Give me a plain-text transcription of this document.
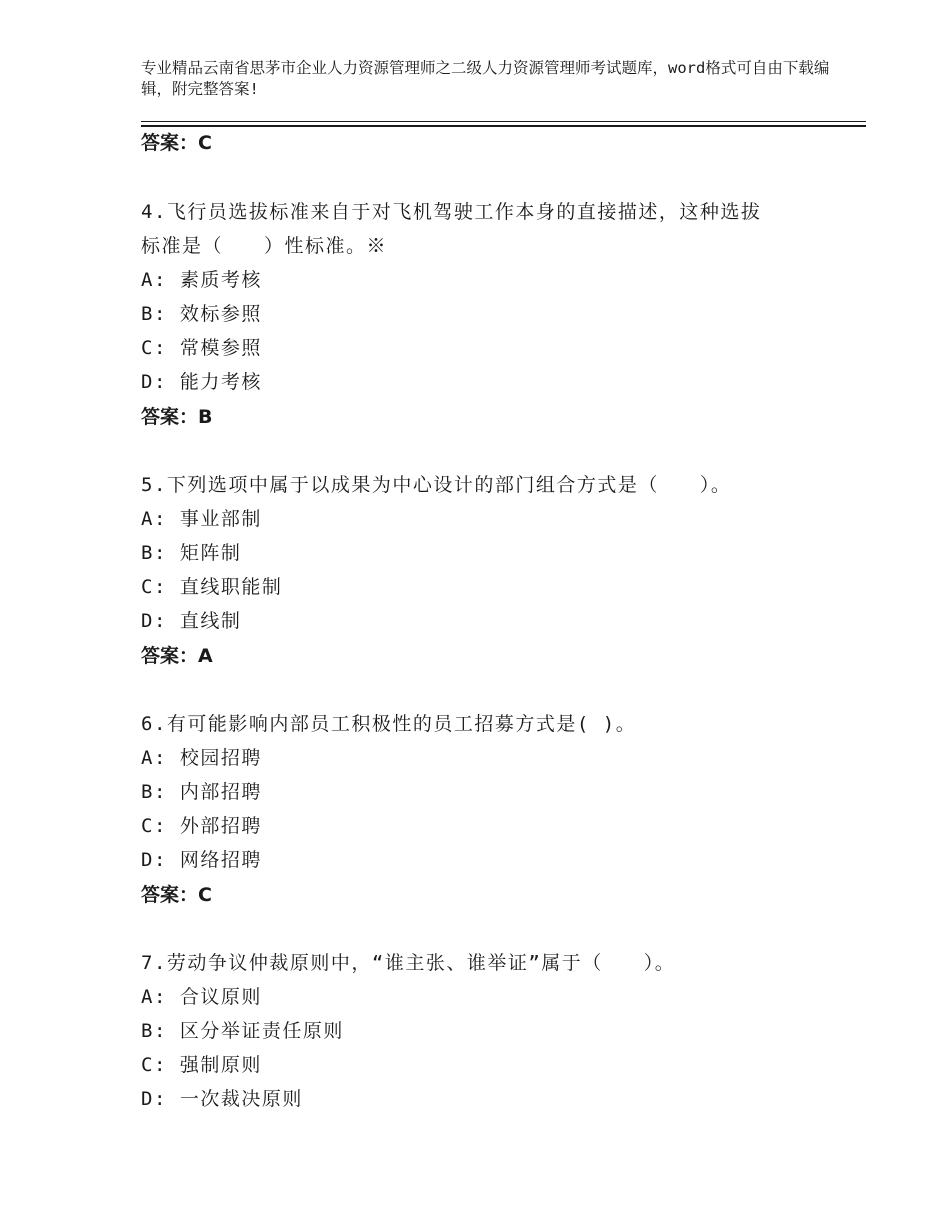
专业精品云南省思茅市企业人力资源管理师之二级人力资源管理师考试题库，word格式可自由下载编辑，附完整答案!

答案：C

4.飞行员选拔标准来自于对飞机驾驶工作本身的直接描述，这种选拔

标准是（　　）性标准。※

A: 素质考核

B: 效标参照

C: 常模参照

D: 能力考核

答案：B

5.下列选项中属于以成果为中心设计的部门组合方式是（　　）。

A: 事业部制

B: 矩阵制

C: 直线职能制

D: 直线制

答案：A

6.有可能影响内部员工积极性的员工招募方式是( )。

A: 校园招聘

B: 内部招聘

C: 外部招聘

D: 网络招聘

答案：C

7.劳动争议仲裁原则中，“谁主张、谁举证”属于（　　）。

A: 合议原则

B: 区分举证责任原则

C: 强制原则

D: 一次裁决原则
